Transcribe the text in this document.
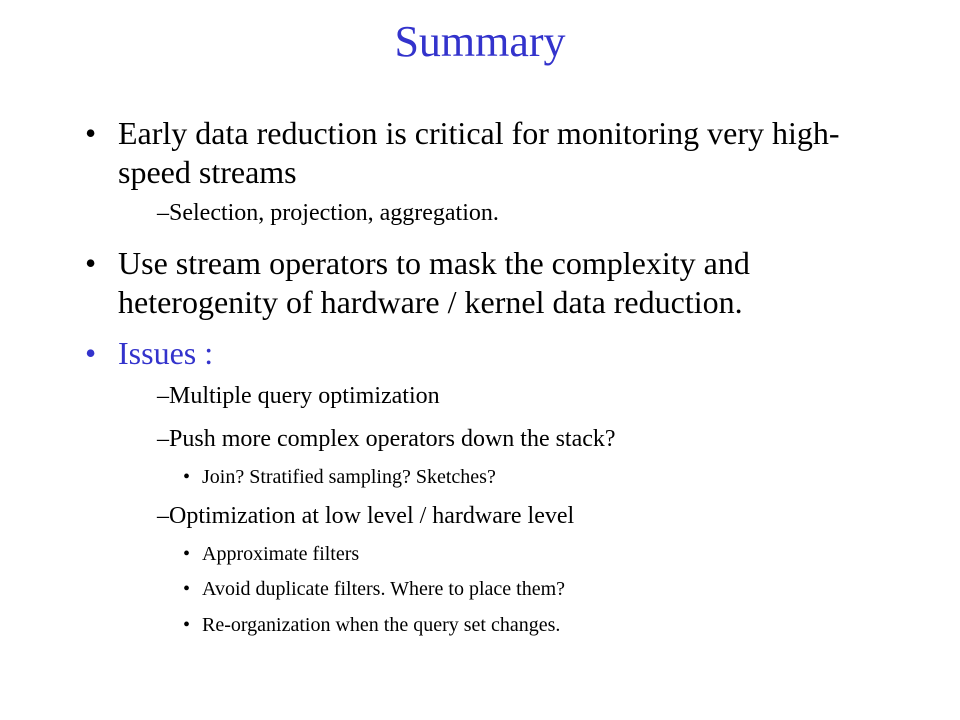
Summary
• Early data reduction is critical for monitoring very high-speed streams
–Selection, projection, aggregation.
• Use stream operators to mask the complexity and heterogenity of hardware / kernel data reduction.
• Issues :
–Multiple query optimization
–Push more complex operators down the stack?
• Join? Stratified sampling? Sketches?
–Optimization at low level / hardware level
• Approximate filters
• Avoid duplicate filters. Where to place them?
• Re-organization when the query set changes.
